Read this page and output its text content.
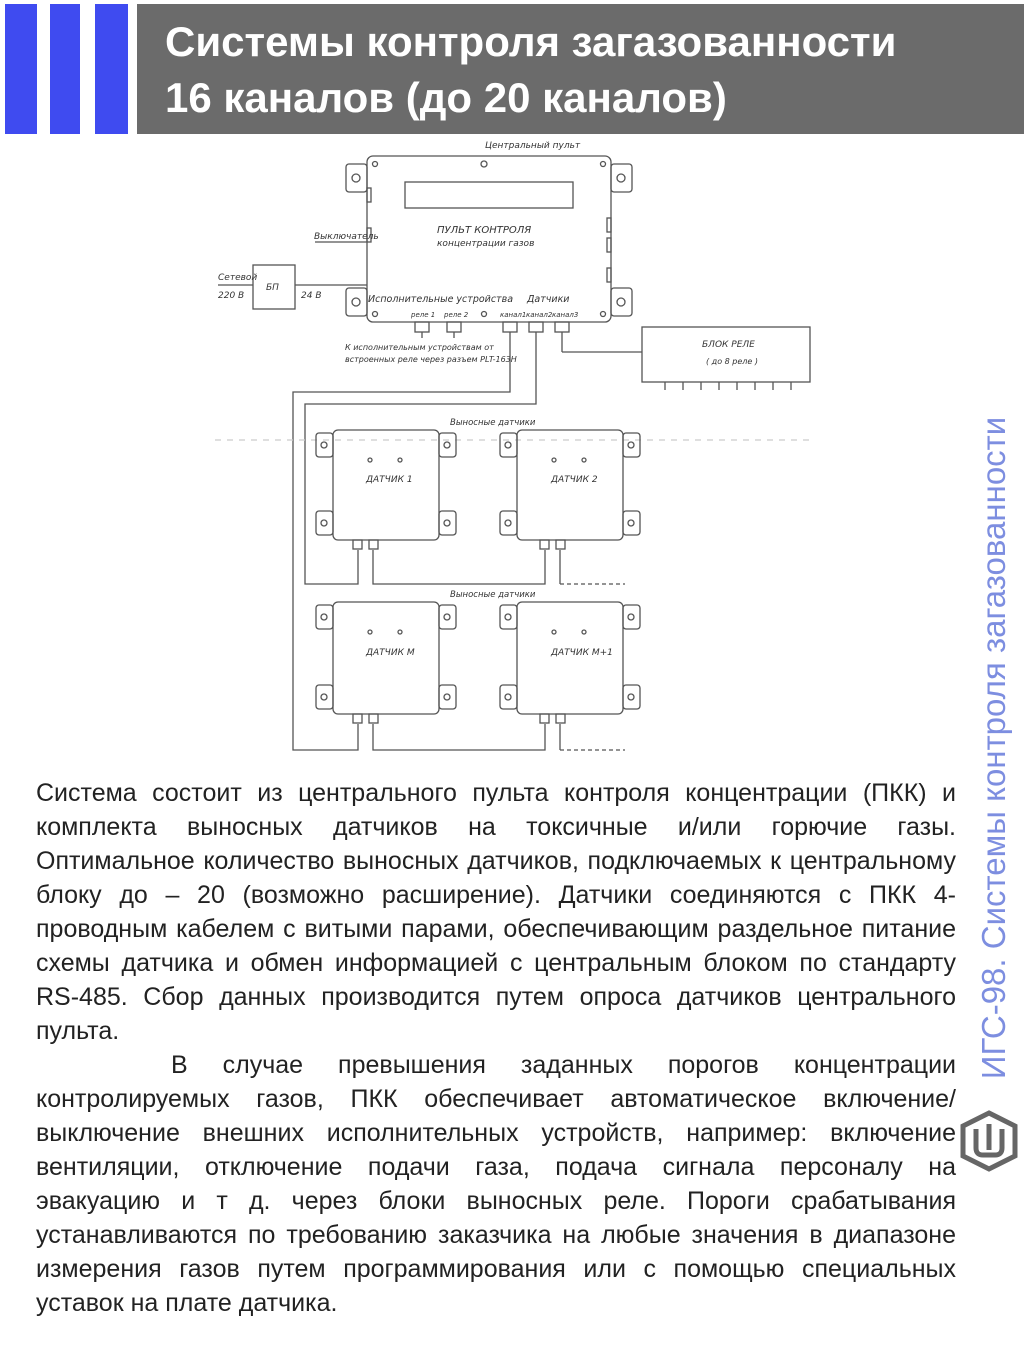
Системы контроля загазованности
16 каналов (до 20 каналов)
ИГС-98. Системы контроля загазованности
Центральный пульт
ПУЛЬТ КОНТРОЛЯ
концентрации газов
Выключатель
Сетевой
220 В
БП
24 В	Исполнительные устройства Датчики
реле 1 реле 2	канал1 канал2 канал3
БЛОК РЕЛЕ
( до 8 реле )
К исполнительным устройствам от
встроенных реле через разъем PLT-163H
Выносные датчики
Выносные датчики
ДАТЧИК 1	ДАТЧИК 2
ДАТЧИК М	ДАТЧИК М+1

Система состоит из центрального пульта контроля концентрации (ПКК) и комплекта выносных датчиков на токсичные и/или горючие газы. Оптимальное количество выносных датчиков, подключаемых к центральному блоку до – 20 (возможно расширение). Датчики соединяются с ПКК 4-проводным кабелем с витыми парами, обеспечивающим раздельное питание схемы датчика и обмен информацией с центральным блоком по стандарту RS-485. Сбор данных производится путем опроса датчиков центрального пульта.

В случае превышения заданных порогов концентрации контролируемых газов, ПКК обеспечивает автоматическое включение/выключение внешних исполнительных устройств, например: включение вентиляции, отключение подачи газа, подача сигнала персоналу на эвакуацию и т д. через блоки выносных реле. Пороги срабатывания устанавливаются по требованию заказчика на любые значения в диапазоне измерения газов путем программирования или с помощью специальных уставок на плате датчика.
